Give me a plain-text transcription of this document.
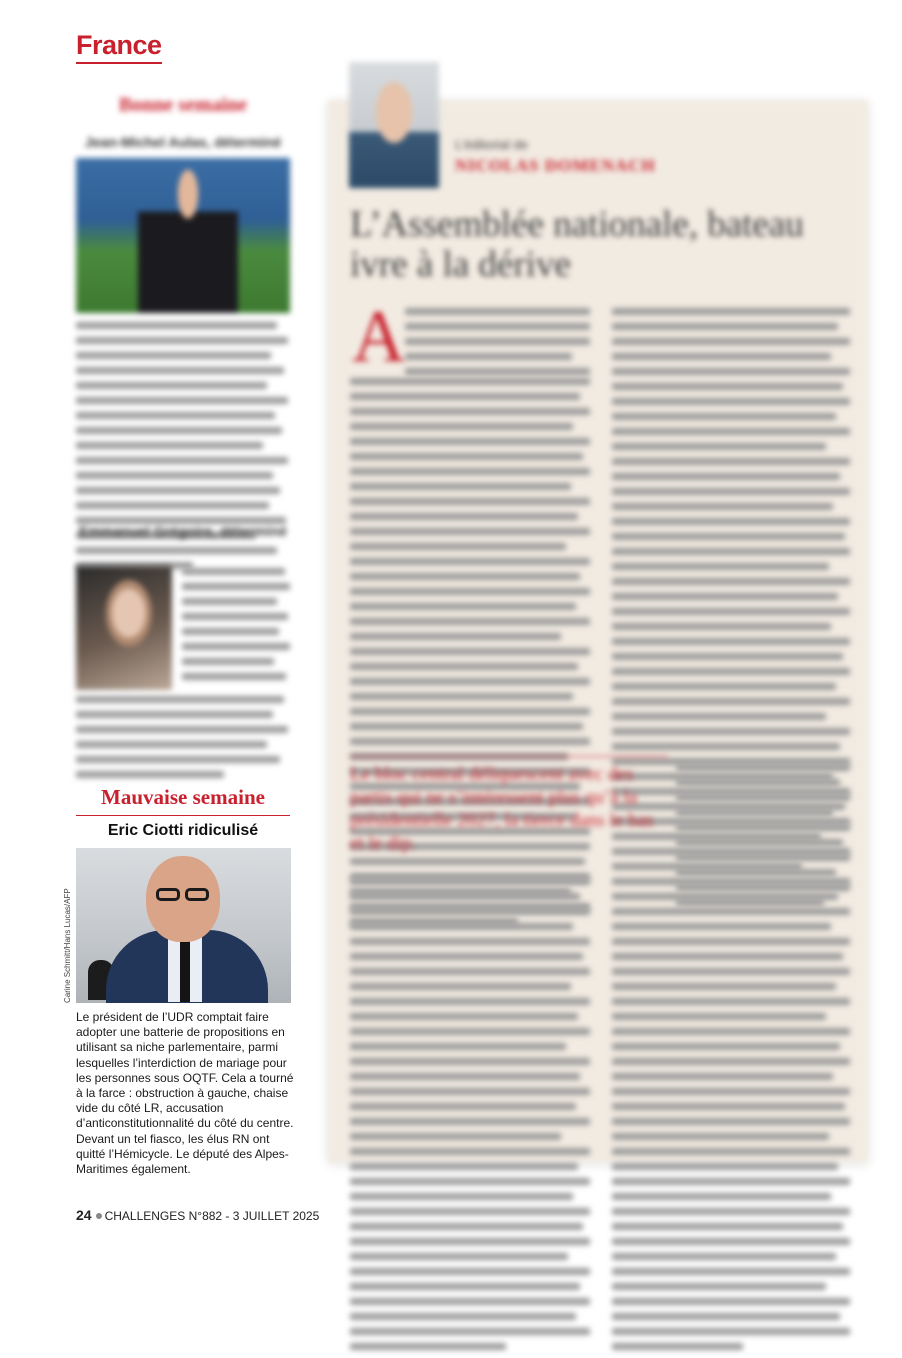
France
Bonne semaine
Jean-Michel Aulas, déterminé
Emmanuel Grégoire, déterminé
Mauvaise semaine
Eric Ciotti ridiculisé
Carine Schmitt/Hans Lucas/AFP
Le président de l’UDR comptait faire adopter une batterie de propositions en utilisant sa niche parlementaire, parmi lesquelles l’interdiction de mariage pour les personnes sous OQTF. Cela a tourné à la farce : obstruction à gauche, chaise vide du côté LR, accusation d’anticonstitutionnalité du côté du centre. Devant un tel fiasco, les élus RN ont quitté l’Hémicycle. Le député des Alpes-Maritimes également.
L’éditorial de
NICOLAS DOMENACH
L’Assemblée nationale, bateau ivre à la dérive
A
Le bloc central déliquescent avec des partis qui ne s’intéressent plus qu’à la présidentielle 2027, la tierce dans le bas et le dip.
24 CHALLENGES N°882 - 3 JUILLET 2025
